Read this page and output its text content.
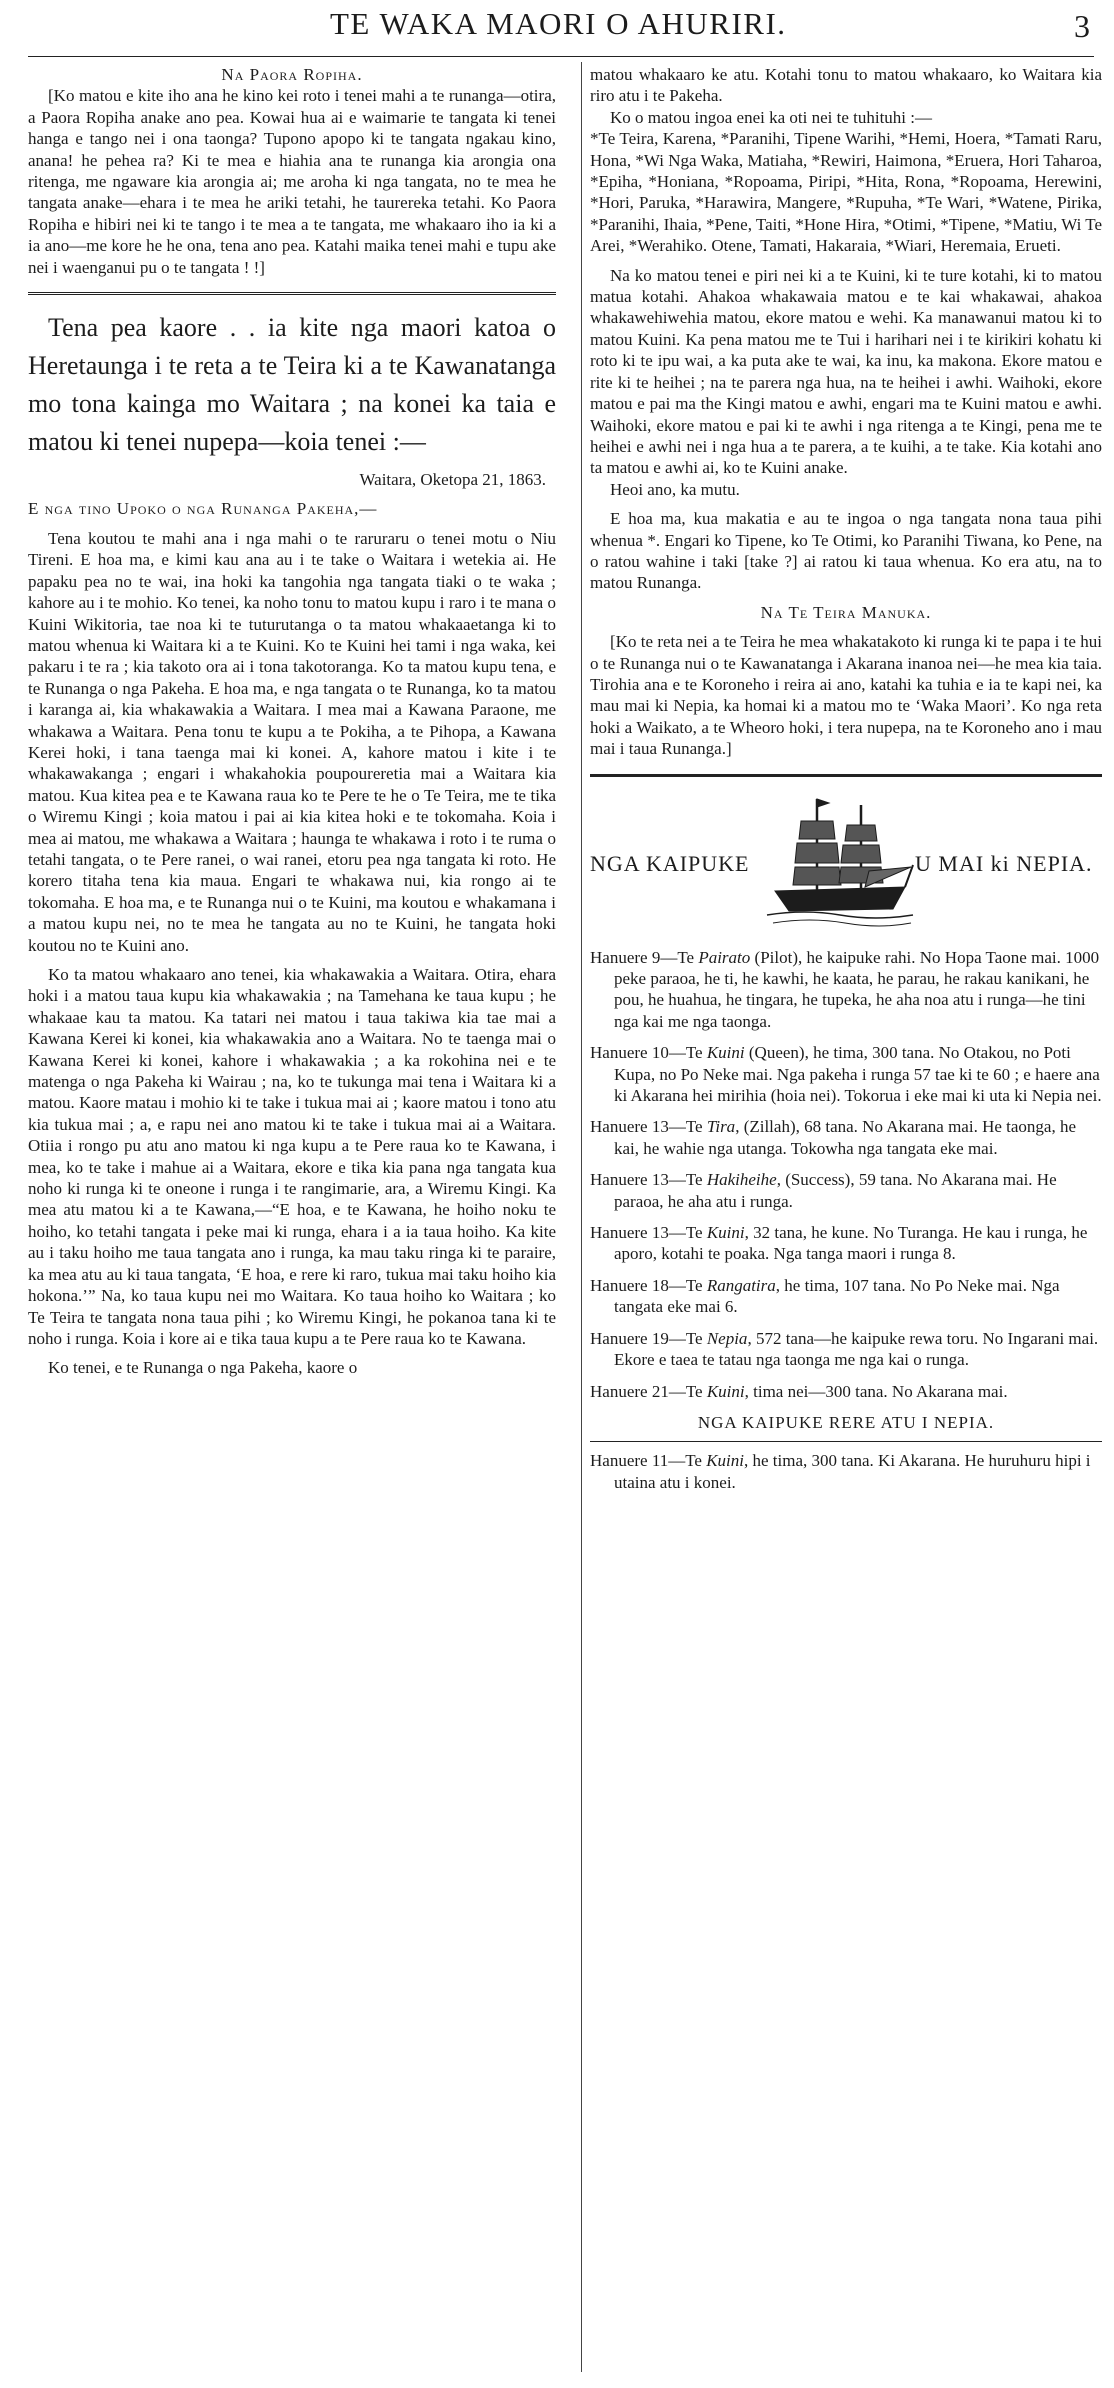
TE WAKA MAORI O AHURIRI.	3

Na Paora Ropiha.

[Ko matou e kite iho ana he kino kei roto i tenei mahi a te runanga—otira, a Paora Ropiha anake ano pea. Kowai hua ai e waimarie te tangata ki tenei hanga e tango nei i ona taonga? Tupono apopo ki te tangata ngakau kino, anana! he pehea ra? Ki te mea e hiahia ana te runanga kia arongia ona ritenga, me ngaware kia arongia ai; me aroha ki nga tangata, no te mea he tangata anake—ehara i te mea he ariki tetahi, he taurereka tetahi. Ko Paora Ropiha e hibiri nei ki te tango i te mea a te tangata, me whakaaro iho ia ki a ia ano—me kore he he ona, tena ano pea. Katahi maika tenei mahi e tupu ake nei i waenganui pu o te tangata ! !]

Tena pea kaore . . ia kite nga maori katoa o Heretaunga i te reta a te Teira ki a te Kawanatanga mo tona kainga mo Waitara ; na konei ka taia e matou ki tenei nupepa—koia tenei :—

Waitara, Oketopa 21, 1863.

E nga tino Upoko o nga Runanga Pakeha,—

Tena koutou te mahi ana i nga mahi o te raruraru o tenei motu o Niu Tireni. E hoa ma, e kimi kau ana au i te take o Waitara i wetekia ai. He papaku pea no te wai, ina hoki ka tangohia nga tangata tiaki o te waka ; kahore au i te mohio. Ko tenei, ka noho tonu to matou kupu i raro i te mana o Kuini Wikitoria, tae noa ki te tuturutanga o ta matou whakaaetanga ki to matou whenua ki Waitara ki a te Kuini. Ko te Kuini hei tami i nga waka, kei pakaru i te ra ; kia takoto ora ai i tona takotoranga. Ko ta matou kupu tena, e te Runanga o nga Pakeha. E hoa ma, e nga tangata o te Runanga, ko ta matou i karanga ai, kia whakawakia a Waitara. I mea mai a Kawana Paraone, me whakawa a Waitara. Pena tonu te kupu a te Pokiha, a te Pihopa, a Kawana Kerei hoki, i tana taenga mai ki konei. A, kahore matou i kite i te whakawakanga ; engari i whakahokia poupoureretia mai a Waitara kia matou. Kua kitea pea e te Kawana raua ko te Pere te he o Te Teira, me te tika o Wiremu Kingi ; koia matou i pai ai kia kitea hoki e te tokomaha. Koia i mea ai matou, me whakawa a Waitara ; haunga te whakawa i roto i te ruma o tetahi tangata, o te Pere ranei, o wai ranei, etoru pea nga tangata ki roto. He korero titaha tena kia maua. Engari te whakawa nui, kia rongo ai te tokomaha. E hoa ma, e te Runanga nui o te Kuini, ma koutou e whakamana i a matou kupu nei, no te mea he tangata au no te Kuini, he tangata hoki koutou no te Kuini ano.

Ko ta matou whakaaro ano tenei, kia whakawakia a Waitara. Otira, ehara hoki i a matou taua kupu kia whakawakia ; na Tamehana ke taua kupu ; he whakaae kau ta matou. Ka tatari nei matou i taua takiwa kia tae mai a Kawana Kerei ki konei, kia whakawakia ano a Waitara. No te taenga mai o Kawana Kerei ki konei, kahore i whakawakia ; a ka rokohina nei e te matenga o nga Pakeha ki Wairau ; na, ko te tukunga mai tena i Waitara ki a matou. Kaore matau i mohio ki te take i tukua mai ai ; kaore matou i tono atu kia tukua mai ; a, e rapu nei ano matou ki te take i tukua mai ai a Waitara. Otiia i rongo pu atu ano matou ki nga kupu a te Pere raua ko te Kawana, i mea, ko te take i mahue ai a Waitara, ekore e tika kia pana nga tangata kua noho ki runga ki te oneone i runga i te rangimarie, ara, a Wiremu Kingi. Ka mea atu matou ki a te Kawana,—“E hoa, e te Kawana, he hoiho noku te hoiho, ko tetahi tangata i peke mai ki runga, ehara i a ia taua hoiho. Ka kite au i taku hoiho me taua tangata ano i runga, ka mau taku ringa ki te paraire, ka mea atu au ki taua tangata, ‘E hoa, e rere ki raro, tukua mai taku hoiho kia hokona.’” Na, ko taua kupu nei mo Waitara. Ko taua hoiho ko Waitara ; ko Te Teira te tangata nona taua pihi ; ko Wiremu Kingi, he pokanoa tana ki te noho i runga. Koia i kore ai e tika taua kupu a te Pere raua ko te Kawana.

Ko tenei, e te Runanga o nga Pakeha, kaore o

matou whakaaro ke atu. Kotahi tonu to matou whakaaro, ko Waitara kia riro atu i te Pakeha.

Ko o matou ingoa enei ka oti nei te tuhituhi :—

*Te Teira, Karena, *Paranihi, Tipene Warihi, *Hemi, Hoera, *Tamati Raru, Hona, *Wi Nga Waka, Matiaha, *Rewiri, Haimona, *Eruera, Hori Taharoa, *Epiha, *Honiana, *Ropoama, Piripi, *Hita, Rona, *Ropoama, Herewini, *Hori, Paruka, *Harawira, Mangere, *Rupuha, *Te Wari, *Watene, Pirika, *Paranihi, Ihaia, *Pene, Taiti, *Hone Hira, *Otimi, *Tipene, *Matiu, Wi Te Arei, *Werahiko. Otene, Tamati, Hakaraia, *Wiari, Heremaia, Erueti.

Na ko matou tenei e piri nei ki a te Kuini, ki te ture kotahi, ki to matou matua kotahi. Ahakoa whakawaia matou e te kai whakawai, ahakoa whakawehiwehia matou, ekore matou e wehi. Ka manawanui matou ki to matou Kuini. Ka pena matou me te Tui i harihari nei i te kirikiri kohatu ki roto ki te ipu wai, a ka puta ake te wai, ka inu, ka makona. Ekore matou e rite ki te heihei ; na te parera nga hua, na te heihei i awhi. Waihoki, ekore matou e pai ma the Kingi matou e awhi, engari ma te Kuini matou e awhi. Waihoki, ekore matou e pai ki te awhi i nga ritenga a te Kingi, pena me te heihei e awhi nei i nga hua a te parera, a te kuihi, a te take. Kia kotahi ano ta matou e awhi ai, ko te Kuini anake.

Heoi ano, ka mutu.

E hoa ma, kua makatia e au te ingoa o nga tangata nona taua pihi whenua *. Engari ko Tipene, ko Te Otimi, ko Paranihi Tiwana, ko Pene, na o ratou wahine i taki [take ?] ai ratou ki taua whenua. Ko era atu, na to matou Runanga.

Na Te Teira Manuka.

[Ko te reta nei a te Teira he mea whakatakoto ki runga ki te papa i te hui o te Runanga nui o te Kawanatanga i Akarana inanoa nei—he mea kia taia. Tirohia ana e te Koroneho i reira ai ano, katahi ka tuhia e ia te kapi nei, ka mau mai ki Nepia, ka homai ki a matou mo te ‘Waka Maori’. Ko nga reta hoki a Waikato, a te Wheoro hoki, i tera nupepa, na te Koroneho ano i mau mai i taua Runanga.]

NGA KAIPUKE	U MAI ki NEPIA.
Hanuere 9—Te Pairato (Pilot), he kaipuke rahi. No Hopa Taone mai. 1000 peke paraoa, he ti, he kawhi, he kaata, he parau, he rakau kanikani, he pou, he huahua, he tingara, he tupeka, he aha noa atu i runga—he tini nga kai me nga taonga.
Hanuere 10—Te Kuini (Queen), he tima, 300 tana. No Otakou, no Poti Kupa, no Po Neke mai. Nga pakeha i runga 57 tae ki te 60 ; e haere ana ki Akarana hei mirihia (hoia nei). Tokorua i eke mai ki uta ki Nepia nei.
Hanuere 13—Te Tira, (Zillah), 68 tana. No Akarana mai. He taonga, he kai, he wahie nga utanga. Tokowha nga tangata eke mai.
Hanuere 13—Te Hakiheihe, (Success), 59 tana. No Akarana mai. He paraoa, he aha atu i runga.
Hanuere 13—Te Kuini, 32 tana, he kune. No Turanga. He kau i runga, he aporo, kotahi te poaka. Nga tanga maori i runga 8.
Hanuere 18—Te Rangatira, he tima, 107 tana. No Po Neke mai. Nga tangata eke mai 6.
Hanuere 19—Te Nepia, 572 tana—he kaipuke rewa toru. No Ingarani mai. Ekore e taea te tatau nga taonga me nga kai o runga.
Hanuere 21—Te Kuini, tima nei—300 tana. No Akarana mai.

NGA KAIPUKE RERE ATU I NEPIA.

Hanuere 11—Te Kuini, he tima, 300 tana. Ki Akarana. He huruhuru hipi i utaina atu i konei.
